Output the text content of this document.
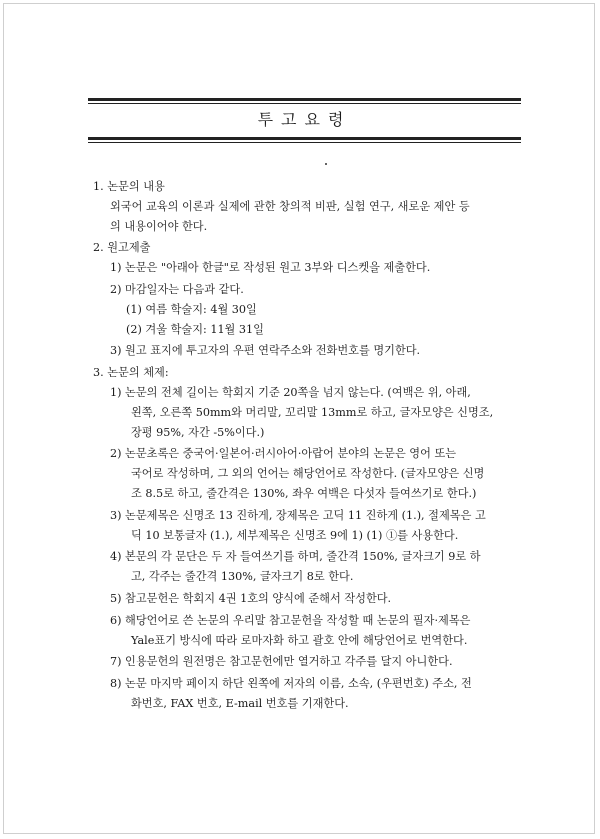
투고요령
1. 논문의 내용
외국어 교육의 이론과 실제에 관한 창의적 비판, 실험 연구, 새로운 제안 등
의 내용이어야 한다.
2. 원고제출
1) 논문은 "아래아 한글"로 작성된 원고 3부와 디스켓을 제출한다.
2) 마감일자는 다음과 같다.
(1) 여름 학술지: 4월 30일
(2) 겨울 학술지: 11월 31일
3) 원고 표지에 투고자의 우편 연락주소와 전화번호를 명기한다.
3. 논문의 체제:
1) 논문의 전체 길이는 학회지 기준 20쪽을 넘지 않는다. (여백은 위, 아래,
왼쪽, 오른쪽 50mm와 머리말, 꼬리말 13mm로 하고, 글자모양은 신명조,
장평 95%, 자간 -5%이다.)
2) 논문초록은 중국어·일본어·러시아어·아랍어 분야의 논문은 영어 또는
국어로 작성하며, 그 외의 언어는 해당언어로 작성한다. (글자모양은 신명
조 8.5로 하고, 줄간격은 130%, 좌우 여백은 다섯자 들여쓰기로 한다.)
3) 논문제목은 신명조 13 진하게, 장제목은 고딕 11 진하게 (1.), 절제목은 고
딕 10 보통글자 (1.), 세부제목은 신명조 9에 1) (1) ①를 사용한다.
4) 본문의 각 문단은 두 자 들여쓰기를 하며, 줄간격 150%, 글자크기 9로 하
고, 각주는 줄간격 130%, 글자크기 8로 한다.
5) 참고문헌은 학회지 4권 1호의 양식에 준해서 작성한다.
6) 해당언어로 쓴 논문의 우리말 참고문헌을 작성할 때 논문의 필자·제목은
Yale표기 방식에 따라 로마자화 하고 괄호 안에 해당언어로 번역한다.
7) 인용문헌의 원전명은 참고문헌에만 열거하고 각주를 달지 아니한다.
8) 논문 마지막 페이지 하단 왼쪽에 저자의 이름, 소속, (우편번호) 주소, 전
화번호, FAX 번호, E-mail 번호를 기재한다.
